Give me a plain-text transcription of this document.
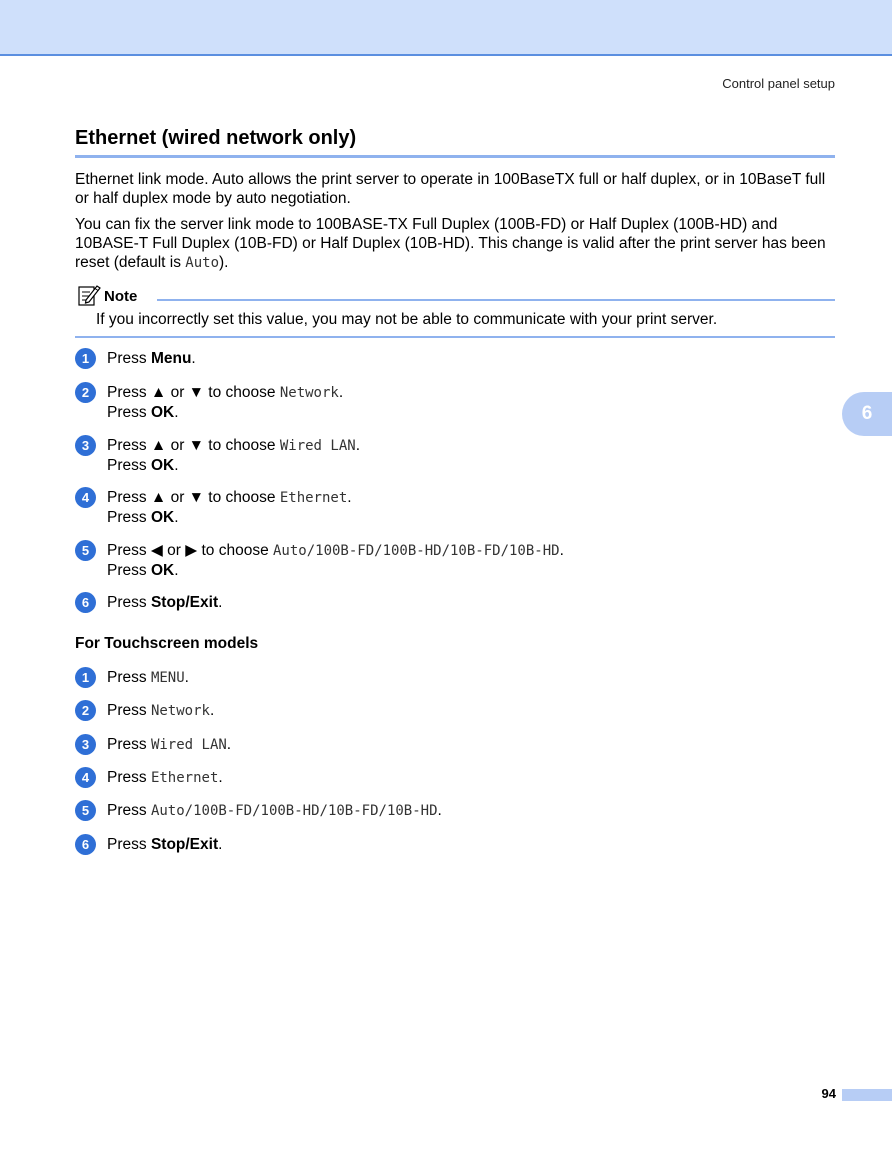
Control panel setup
Ethernet (wired network only)

Ethernet link mode. Auto allows the print server to operate in 100BaseTX full or half duplex, or in 10BaseT full or half duplex mode by auto negotiation.

You can fix the server link mode to 100BASE-TX Full Duplex (100B-FD) or Half Duplex (100B-HD) and 10BASE-T Full Duplex (10B-FD) or Half Duplex (10B-HD). This change is valid after the print server has been reset (default is Auto).

6
Note
If you incorrectly set this value, you may not be able to communicate with your print server.
1	Press Menu.
2	Press ▲ or ▼ to choose Network.
Press OK.
3	Press ▲ or ▼ to choose Wired LAN.
Press OK.
4	Press ▲ or ▼ to choose Ethernet.
Press OK.
5	Press ◀ or ▶ to choose Auto/100B-FD/100B-HD/10B-FD/10B-HD.
Press OK.
6	Press Stop/Exit.
For Touchscreen models
1	Press MENU.
2	Press Network.
3	Press Wired LAN.
4	Press Ethernet.
5	Press Auto/100B-FD/100B-HD/10B-FD/10B-HD.
6	Press Stop/Exit.
94
